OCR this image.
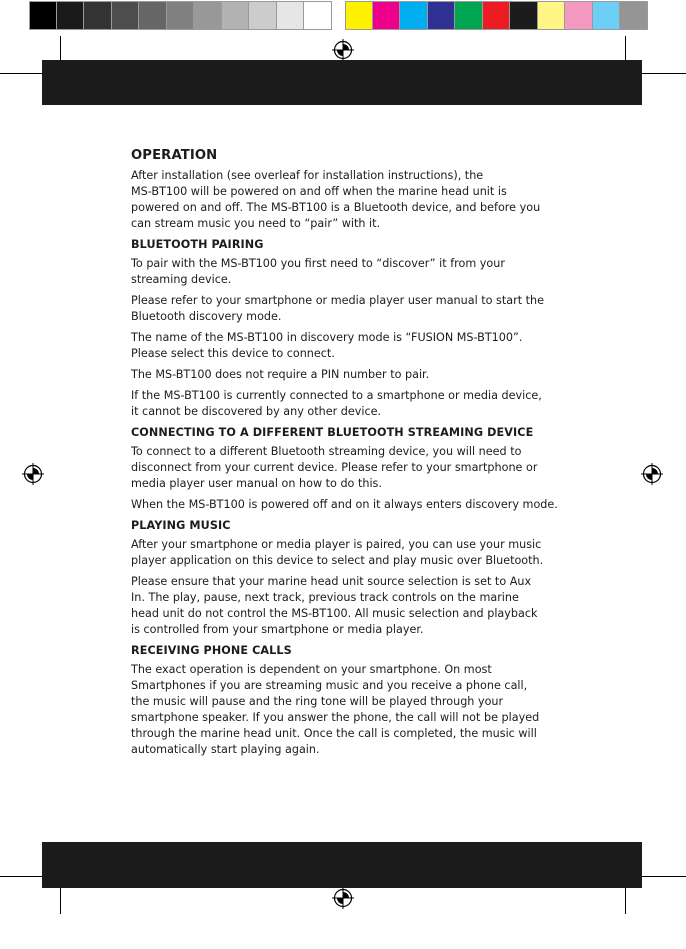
OPERATION

After installation (see overleaf for installation instructions), the
MS-BT100 will be powered on and off when the marine head unit is
powered on and off. The MS-BT100 is a Bluetooth device, and before you
can stream music you need to “pair” with it.

BLUETOOTH PAIRING

To pair with the MS-BT100 you first need to “discover” it from your
streaming device.

Please refer to your smartphone or media player user manual to start the
Bluetooth discovery mode.

The name of the MS-BT100 in discovery mode is “FUSION MS-BT100”.
Please select this device to connect.

The MS-BT100 does not require a PIN number to pair.

If the MS-BT100 is currently connected to a smartphone or media device,
it cannot be discovered by any other device.

CONNECTING TO A DIFFERENT BLUETOOTH STREAMING DEVICE

To connect to a different Bluetooth streaming device, you will need to
disconnect from your current device. Please refer to your smartphone or
media player user manual on how to do this.

When the MS-BT100 is powered off and on it always enters discovery mode.

PLAYING MUSIC

After your smartphone or media player is paired, you can use your music
player application on this device to select and play music over Bluetooth.

Please ensure that your marine head unit source selection is set to Aux
In. The play, pause, next track, previous track controls on the marine
head unit do not control the MS-BT100. All music selection and playback
is controlled from your smartphone or media player.

RECEIVING PHONE CALLS

The exact operation is dependent on your smartphone. On most
Smartphones if you are streaming music and you receive a phone call,
the music will pause and the ring tone will be played through your
smartphone speaker. If you answer the phone, the call will not be played
through the marine head unit. Once the call is completed, the music will
automatically start playing again.
